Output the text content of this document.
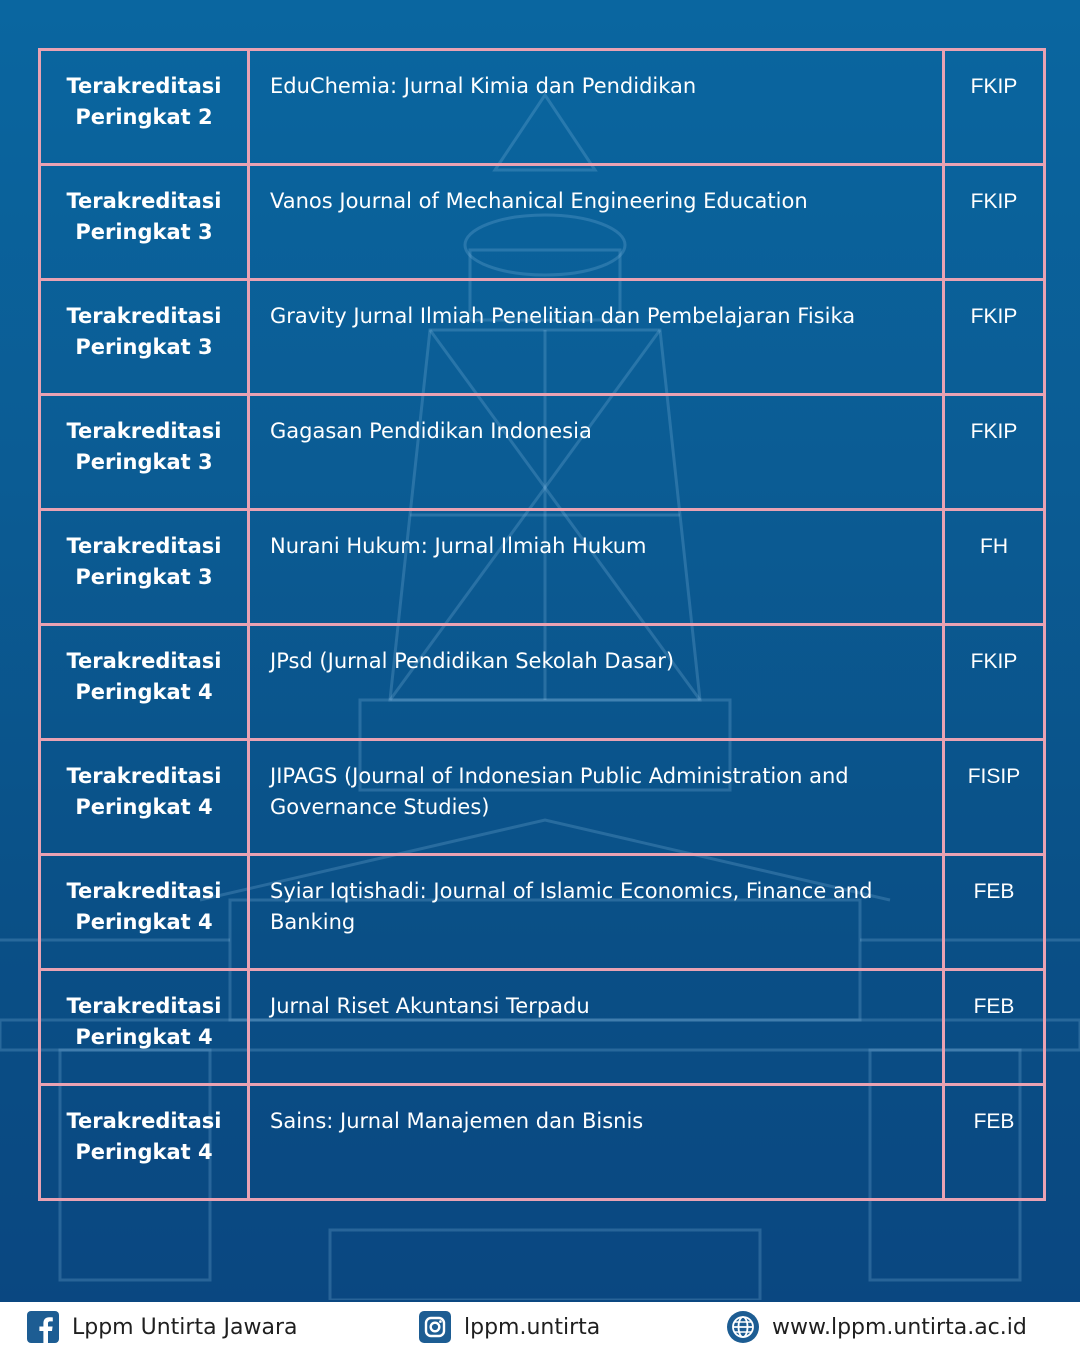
Terakreditasi
Peringkat 2	EduChemia: Jurnal Kimia dan Pendidikan	FKIP

Terakreditasi
Peringkat 3	Vanos Journal of Mechanical Engineering Education	FKIP

Terakreditasi
Peringkat 3	Gravity Jurnal Ilmiah Penelitian dan Pembelajaran Fisika	FKIP

Terakreditasi
Peringkat 3	Gagasan Pendidikan Indonesia	FKIP

Terakreditasi
Peringkat 3	Nurani Hukum: Jurnal Ilmiah Hukum	FH

Terakreditasi
Peringkat 4	JPsd (Jurnal Pendidikan Sekolah Dasar)	FKIP

Terakreditasi
Peringkat 4	JIPAGS (Journal of Indonesian Public Administration and Governance Studies)	FISIP

Terakreditasi
Peringkat 4	Syiar Iqtishadi: Journal of Islamic Economics, Finance and Banking	FEB

Terakreditasi
Peringkat 4	Jurnal Riset Akuntansi Terpadu	FEB

Terakreditasi
Peringkat 4	Sains: Jurnal Manajemen dan Bisnis	FEB
Lppm Untirta Jawara	lppm.untirta	www.lppm.untirta.ac.id
